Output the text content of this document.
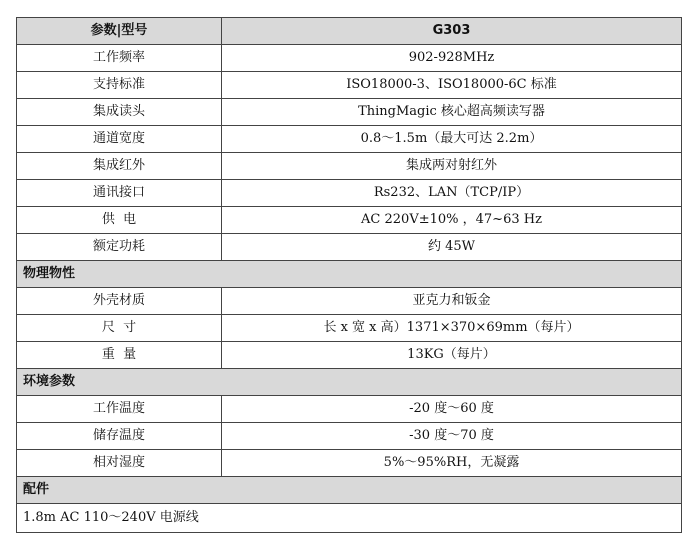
参数|型号	G303
工作频率	902-928MHz
支持标准	ISO18000-3、ISO18000-6C 标准
集成读头	ThingMagic 核心超高频读写器
通道宽度	0.8～1.5m（最大可达 2.2m）
集成红外	集成两对射红外
通讯接口	Rs232、LAN（TCP/IP）
供  电	AC 220V±10% ，47~63 Hz
额定功耗	约 45W
物理物性	
外壳材质	亚克力和钣金
尺  寸	长 x 宽 x 高）1371×370×69mm（每片）
重  量	13KG（每片）
环境参数	
工作温度	-20 度～60 度
储存温度	-30 度～70 度
相对湿度	5%～95%RH，无凝露
配件	
1.8m AC 110～240V 电源线	
